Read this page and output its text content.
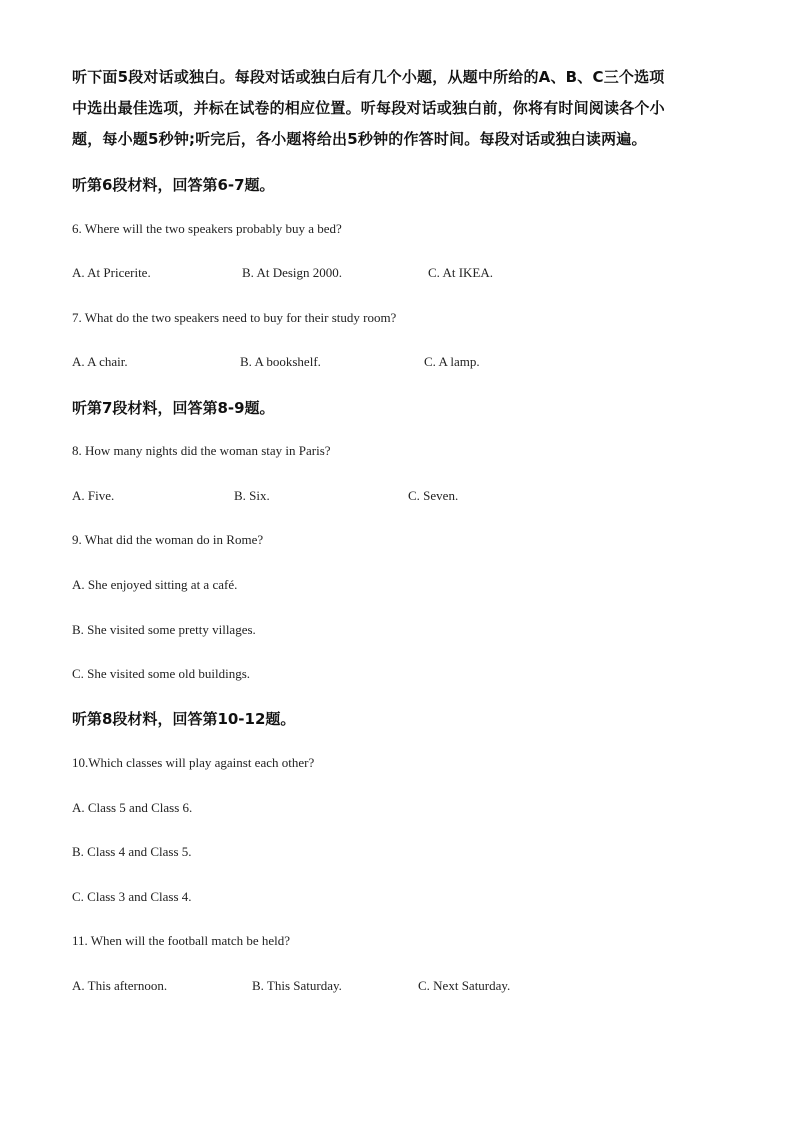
听下面5段对话或独白。每段对话或独白后有几个小题，从题中所给的A、B、C三个选项
中选出最佳选项，并标在试卷的相应位置。听每段对话或独白前，你将有时间阅读各个小
题，每小题5秒钟;听完后，各小题将给出5秒钟的作答时间。每段对话或独白读两遍。
听第6段材料，回答第6-7题。
6. Where will the two speakers probably buy a bed?
A. At Pricerite.	B. At Design 2000.	C. At IKEA.
7. What do the two speakers need to buy for their study room?
A. A chair.	B. A bookshelf.	C. A lamp.
听第7段材料，回答第8-9题。
8. How many nights did the woman stay in Paris?
A. Five.	B. Six.	C. Seven.
9. What did the woman do in Rome?
A. She enjoyed sitting at a café.
B. She visited some pretty villages.
C. She visited some old buildings.
听第8段材料，回答第10-12题。
10.Which classes will play against each other?
A. Class 5 and Class 6.
B. Class 4 and Class 5.
C. Class 3 and Class 4.
11. When will the football match be held?
A. This afternoon.	B. This Saturday.	C. Next Saturday.
